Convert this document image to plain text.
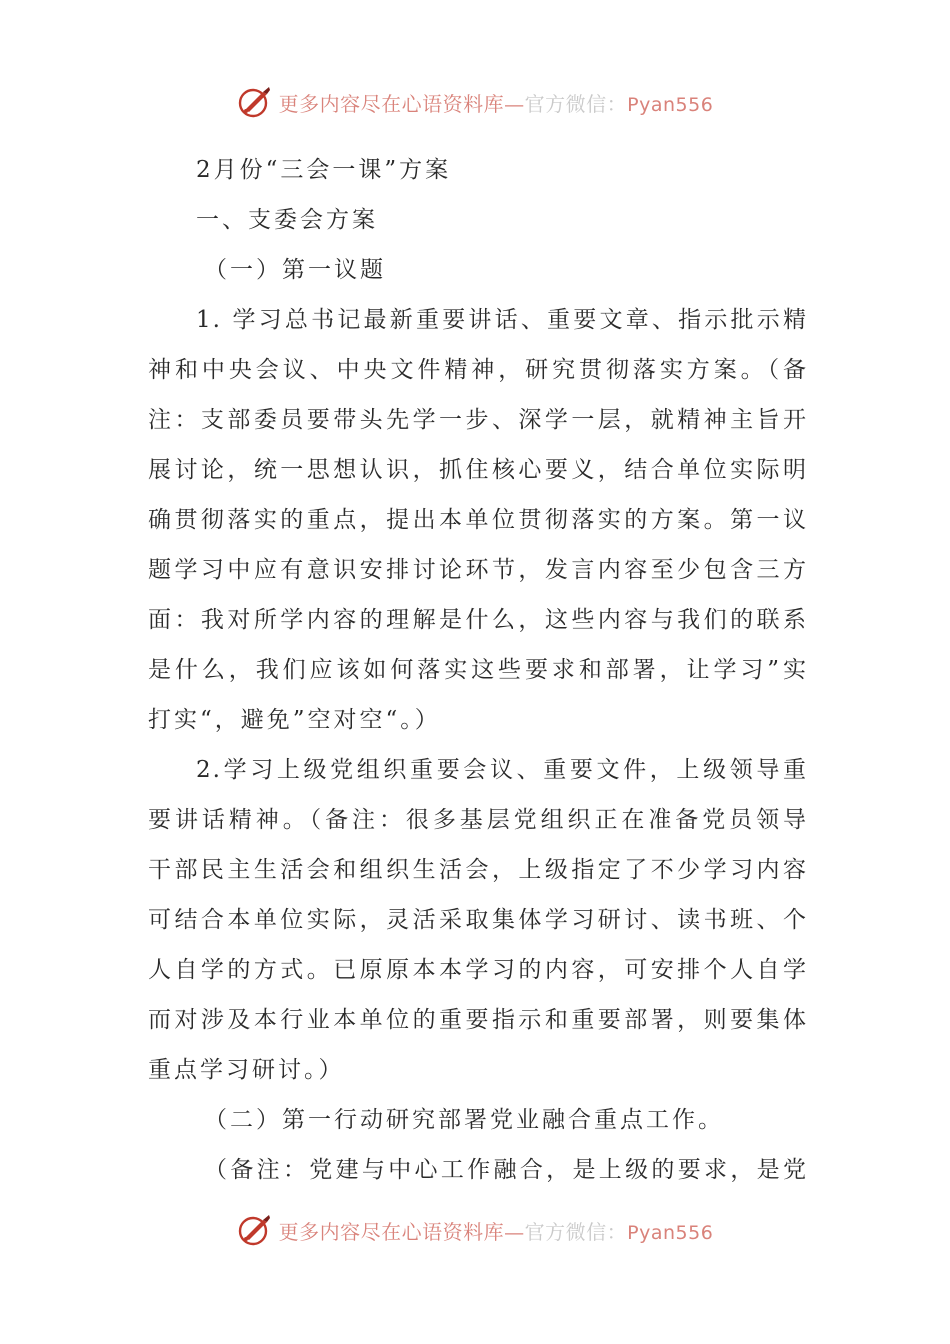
更多内容尽在心语资料库—官方微信：Pyan556
2月份“三会一课”方案
一、支委会方案
（一）第一议题
1. 学习总书记最新重要讲话、重要文章、指示批示精
神和中央会议、中央文件精神，研究贯彻落实方案。（备
注：支部委员要带头先学一步、深学一层，就精神主旨开
展讨论，统一思想认识，抓住核心要义，结合单位实际明
确贯彻落实的重点，提出本单位贯彻落实的方案。第一议
题学习中应有意识安排讨论环节，发言内容至少包含三方
面：我对所学内容的理解是什么，这些内容与我们的联系
是什么，我们应该如何落实这些要求和部署，让学习”实
打实“，避免”空对空“。）
2.学习上级党组织重要会议、重要文件，上级领导重
要讲话精神。（备注：很多基层党组织正在准备党员领导
干部民主生活会和组织生活会，上级指定了不少学习内容
可结合本单位实际，灵活采取集体学习研讨、读书班、个
人自学的方式。已原原本本学习的内容，可安排个人自学
而对涉及本行业本单位的重要指示和重要部署，则要集体
重点学习研讨。）
（二）第一行动研究部署党业融合重点工作。
（备注：党建与中心工作融合，是上级的要求，是党
更多内容尽在心语资料库—官方微信：Pyan556
